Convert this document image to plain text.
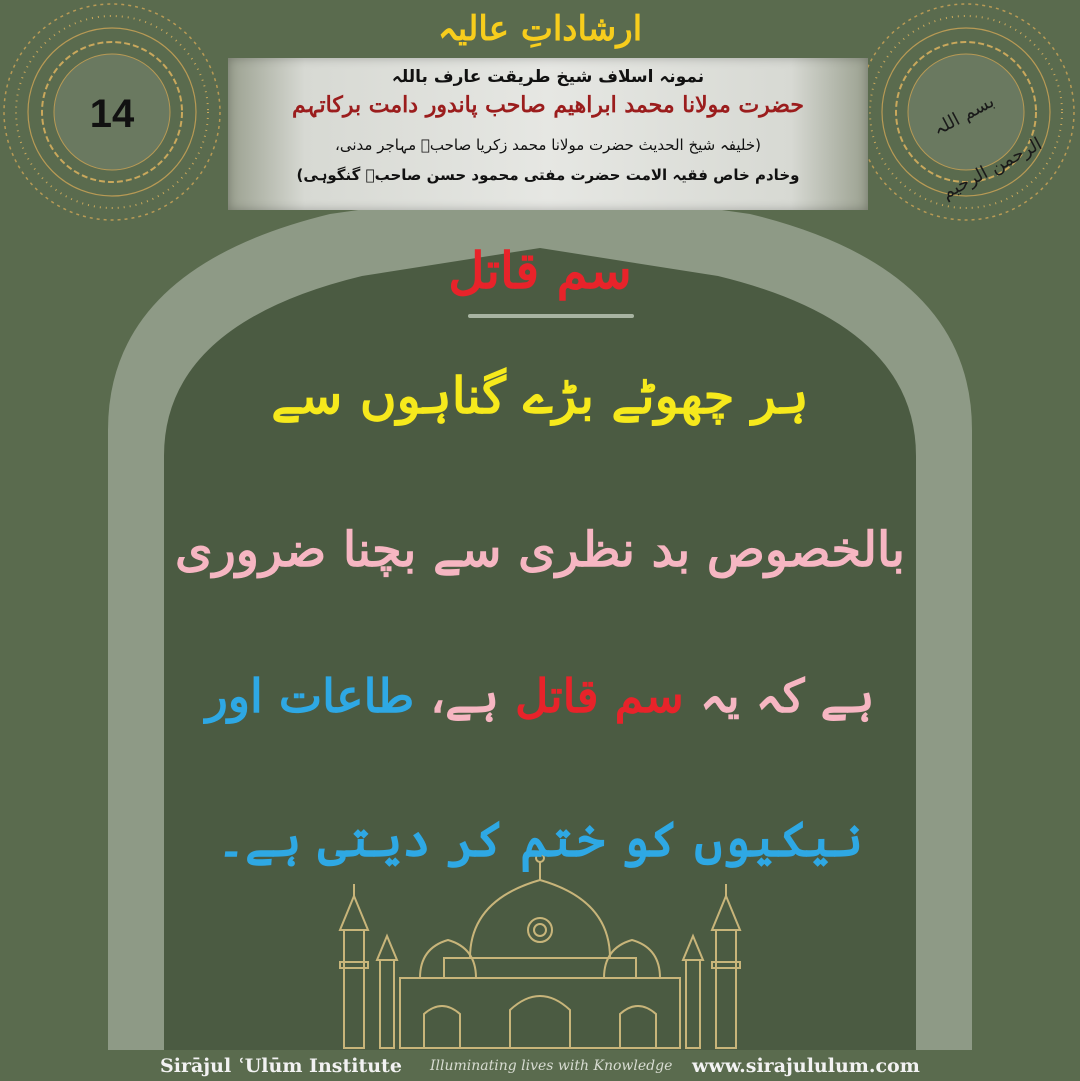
ارشاداتِ عالیہ
14	بسم اللہ الرحمن الرحیم
نمونہ اسلاف شیخ طریقت عارف باللہ
حضرت مولانا محمد ابراھیم صاحب پاندور دامت برکاتہم
(خلیفہ شیخ الحدیث حضرت مولانا محمد زکریا صاحبؒ مہاجر مدنی،
وخادم خاص فقیہ الامت حضرت مفتی محمود حسن صاحبؒ گنگوہی)
سم قاتل
ہر چھوٹے بڑے گناہوں سے
بالخصوص بد نظری سے بچنا ضروری
ہے کہ یہ سم قاتل ہے، طاعات اور
نیکیوں کو ختم کر دیتی ہے۔
Sirājul ʿUlūm Institute Illuminating lives with Knowledge www.sirajululum.com
